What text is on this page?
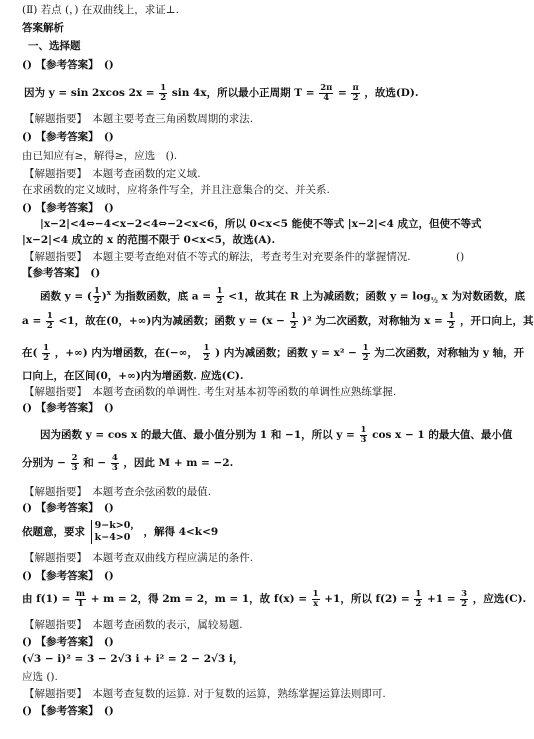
(Ⅱ) 若点 (，) 在双曲线上，求证⊥.
答案解析
一、选择题
() 【参考答案】　()
因为 y = sin 2xcos $2x = \frac{1}{2}$ sin 4x，所以最小正周期 $T = \frac{2\pi}{4} = \frac{\pi}{2}$ ，故选(D).
【解题指要】　本题主要考查三角函数周期的求法.
() 【参考答案】　()
由已知应有≥，解得≥，应选　().
【解题指要】　本题考查函数的定义域.
在求函数的定义域时，应将条件写全，并且注意集合的交、并关系.
() 【参考答案】　()
|x−2|<4⇔−4<x−2<4⇔−2<x<6，所以 0<x<5 能使不等式 |x−2|<4 成立，但使不等式
|x−2|<4 成立的 x 的范围不限于 0<x<5，故选(A).
【解题指要】　本题主要考查绝对值不等式的解法，考查考生对充要条件的掌握情况.	()
【参考答案】　()
函数 y = ( $\frac{1}{2} )^x$ 为指数函数，底 $a = \frac{1}{2} <1$，故其在 R 上为减函数；函数 $y = \log_{\frac{1}{2}} x$ 为对数函数，底
$a = \frac{1}{2} <1$，故在(0，+∞)内为减函数；函数 $y = (x - \frac{1}{2} )^2$ 为二次函数，对称轴为 $x = \frac{1}{2}$ ，开口向上，其
在( $\frac{1}{2}$ ，+∞) 内为增函数，在(−∞， $\frac{1}{2}$ ) 内为减函数；函数 $y = x^2 - \frac{1}{2}$ 为二次函数，对称轴为 y 轴，开
口向上，在区间(0，+∞)内为增函数. 应选(C).
【解题指要】　本题考查函数的单调性. 考生对基本初等函数的单调性应熟练掌握.
() 【参考答案】　()
因为函数 y = cos x 的最大值、最小值分别为 1 和 −1，所以 $y = \frac{1}{3}$ cos x − 1 的最大值、最小值
分别为 − $\frac{2}{3}$ 和 − $\frac{4}{3}$ ，因此 M + m = −2.
【解题指要】　本题考查余弦函数的最值.
() 【参考答案】　()
依题意，要求
9−k>0，
k−4>0	，解得 4<k<9
【解题指要】　本题考查双曲线方程应满足的条件.
() 【参考答案】　()
由 $f(1) = \frac{m}{1} + m = 2$，得 2m = 2，m = 1，故 $f(x) = \frac{1}{x} +1$，所以 $f(2) = \frac{1}{2} +1 = \frac{3}{2}$ ，应选(C).
【解题指要】　本题考查函数的表示，属较易题.
() 【参考答案】　()
(√3 − i)² = 3 − 2√3 i + i² = 2 − 2√3 i，
应选 ().
【解题指要】　本题考查复数的运算. 对于复数的运算，熟练掌握运算法则即可.
() 【参考答案】　()
